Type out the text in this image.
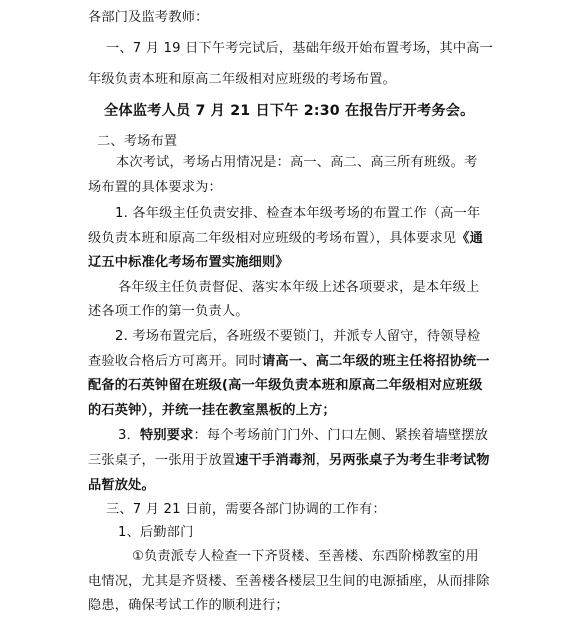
各部门及监考教师：
一、7 月 19 日下午考完试后，基础年级开始布置考场，其中高一
年级负责本班和原高二年级相对应班级的考场布置。
全体监考人员 7 月 21 日下午 2:30 在报告厅开考务会。
二、考场布置
本次考试，考场占用情况是：高一、高二、高三所有班级。考
场布置的具体要求为：
1. 各年级主任负责安排、检查本年级考场的布置工作（高一年
级负责本班和原高二年级相对应班级的考场布置），具体要求见《通
辽五中标准化考场布置实施细则》
各年级主任负责督促、落实本年级上述各项要求，是本年级上
述各项工作的第一负责人。
2. 考场布置完后，各班级不要锁门，并派专人留守，待领导检
查验收合格后方可离开。同时请高一、高二年级的班主任将招协统一
配备的石英钟留在班级(高一年级负责本班和原高二年级相对应班级
的石英钟），并统一挂在教室黑板的上方；
3．特别要求：每个考场前门门外、门口左侧、紧挨着墙壁摆放
三张桌子，一张用于放置速干手消毒剂，另两张桌子为考生非考试物
品暂放处。
三、7 月 21 日前，需要各部门协调的工作有：
1、后勤部门
①负责派专人检查一下齐贤楼、至善楼、东西阶梯教室的用
电情况，尤其是齐贤楼、至善楼各楼层卫生间的电源插座，从而排除
隐患，确保考试工作的顺利进行；
